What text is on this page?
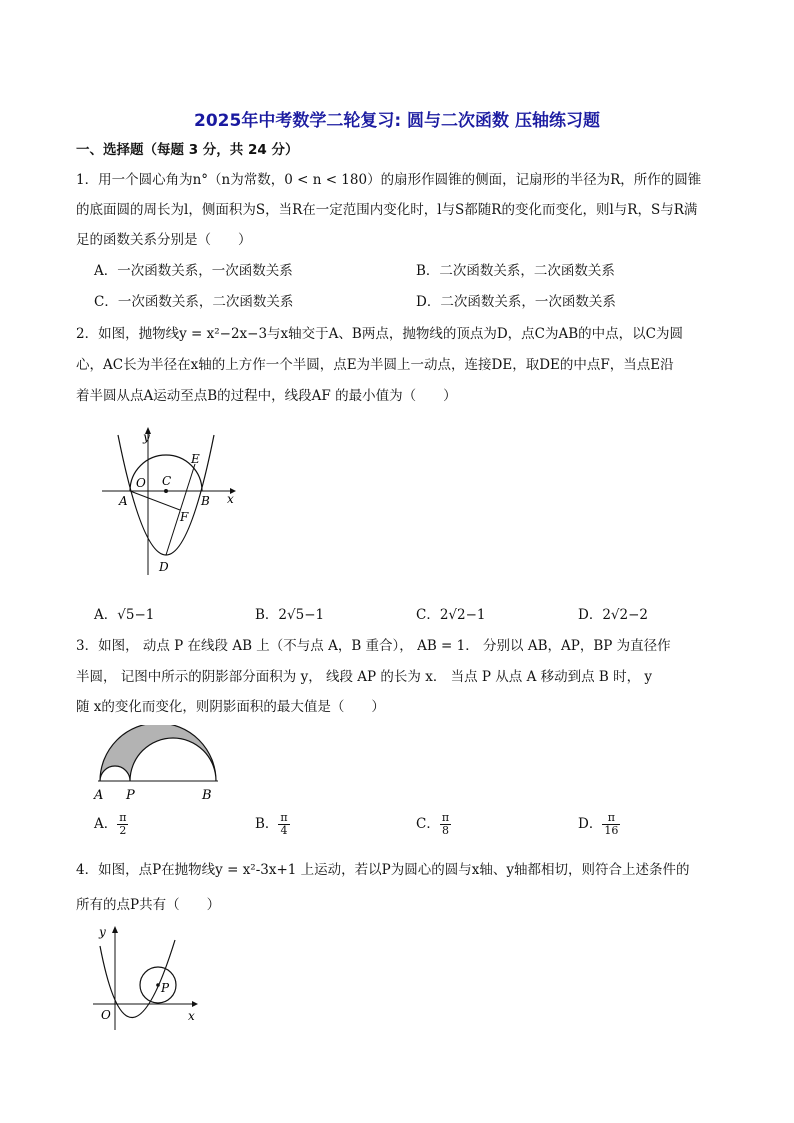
2025年中考数学二轮复习: 圆与二次函数 压轴练习题
一、选择题（每题 3 分，共 24 分）
1．用一个圆心角为n°（n为常数，0 < n < 180）的扇形作圆锥的侧面，记扇形的半径为R，所作的圆锥
的底面圆的周长为l，侧面积为S，当R在一定范围内变化时，l与S都随R的变化而变化，则l与R，S与R满
足的函数关系分别是（　　）
A．一次函数关系，一次函数关系	B．二次函数关系，二次函数关系
C．一次函数关系，二次函数关系	D．二次函数关系，一次函数关系
2．如图，抛物线y = x²−2x−3与x轴交于A、B两点，抛物线的顶点为D，点C为AB的中点，以C为圆
心，AC长为半径在x轴的上方作一个半圆，点E为半圆上一动点，连接DE，取DE的中点F，当点E沿
着半圆从点A运动至点B的过程中，线段AF 的最小值为（　　）
y
x
O C
E
A	B
F
D
A．√5−1	B．2√5−1	C．2√2−1	D．2√2−2
3．如图， 动点 P 在线段 AB 上（不与点 A，B 重合）， AB = 1． 分别以 AB，AP，BP 为直径作
半圆， 记图中所示的阴影部分面积为 y， 线段 AP 的长为 x． 当点 P 从点 A 移动到点 B 时， y
随 x的变化而变化，则阴影面积的最大值是（　　）
A P	B
A． $\frac{\pi}{2}$	B． $\frac{\pi}{4}$	C． $\frac{\pi}{8}$	D． $\frac{\pi}{16}$
4．如图，点P在抛物线y = x²-3x+1 上运动，若以P为圆心的圆与x轴、y轴都相切，则符合上述条件的
所有的点P共有（　　）
y
x
O
P
